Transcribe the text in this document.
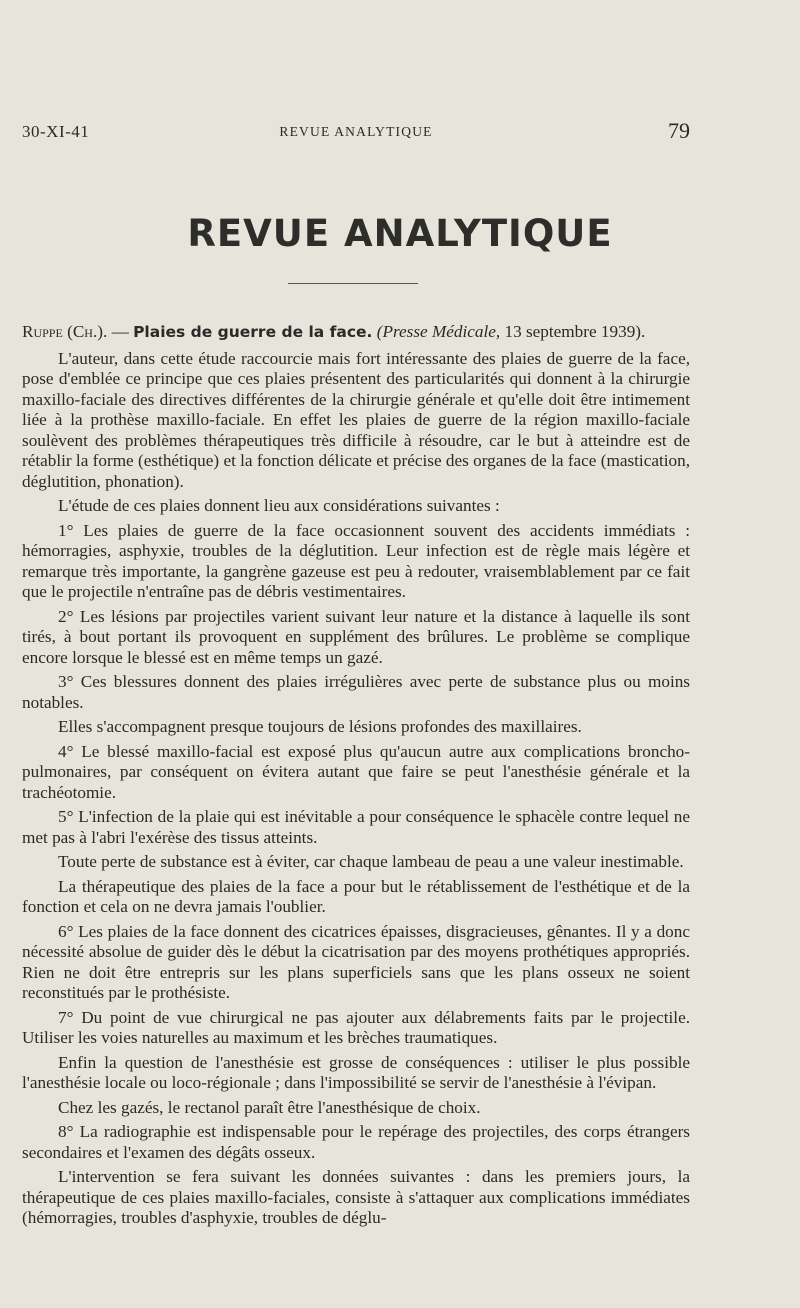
30-XI-41	REVUE ANALYTIQUE	79
REVUE ANALYTIQUE

Ruppe (Ch.). — Plaies de guerre de la face. (Presse Médicale, 13 septembre 1939).

L'auteur, dans cette étude raccourcie mais fort intéressante des plaies de guerre de la face, pose d'emblée ce principe que ces plaies présentent des particularités qui donnent à la chirurgie maxillo-faciale des directives différentes de la chirurgie générale et qu'elle doit être intimement liée à la prothèse maxillo-faciale. En effet les plaies de guerre de la région maxillo-faciale soulèvent des problèmes thérapeutiques très difficile à résoudre, car le but à atteindre est de rétablir la forme (esthétique) et la fonction délicate et précise des organes de la face (mastication, déglutition, phonation).

L'étude de ces plaies donnent lieu aux considérations suivantes :

1° Les plaies de guerre de la face occasionnent souvent des accidents immédiats : hémorragies, asphyxie, troubles de la déglutition. Leur infection est de règle mais légère et remarque très importante, la gangrène gazeuse est peu à redouter, vraisemblablement par ce fait que le projectile n'entraîne pas de débris vestimentaires.

2° Les lésions par projectiles varient suivant leur nature et la distance à laquelle ils sont tirés, à bout portant ils provoquent en supplément des brûlures. Le problème se complique encore lorsque le blessé est en même temps un gazé.

3° Ces blessures donnent des plaies irrégulières avec perte de substance plus ou moins notables.

Elles s'accompagnent presque toujours de lésions profondes des maxillaires.

4° Le blessé maxillo-facial est exposé plus qu'aucun autre aux complications broncho-pulmonaires, par conséquent on évitera autant que faire se peut l'anesthésie générale et la trachéotomie.

5° L'infection de la plaie qui est inévitable a pour conséquence le sphacèle contre lequel ne met pas à l'abri l'exérèse des tissus atteints.

Toute perte de substance est à éviter, car chaque lambeau de peau a une valeur inestimable.

La thérapeutique des plaies de la face a pour but le rétablissement de l'esthétique et de la fonction et cela on ne devra jamais l'oublier.

6° Les plaies de la face donnent des cicatrices épaisses, disgracieuses, gênantes. Il y a donc nécessité absolue de guider dès le début la cicatrisation par des moyens prothétiques appropriés. Rien ne doit être entrepris sur les plans superficiels sans que les plans osseux ne soient reconstitués par le prothésiste.

7° Du point de vue chirurgical ne pas ajouter aux délabrements faits par le projectile. Utiliser les voies naturelles au maximum et les brèches traumatiques.

Enfin la question de l'anesthésie est grosse de conséquences : utiliser le plus possible l'anesthésie locale ou loco-régionale ; dans l'impossibilité se servir de l'anesthésie à l'évipan.

Chez les gazés, le rectanol paraît être l'anesthésique de choix.

8° La radiographie est indispensable pour le repérage des projectiles, des corps étrangers secondaires et l'examen des dégâts osseux.

L'intervention se fera suivant les données suivantes : dans les premiers jours, la thérapeutique de ces plaies maxillo-faciales, consiste à s'attaquer aux complications immédiates (hémorragies, troubles d'asphyxie, troubles de déglu-
